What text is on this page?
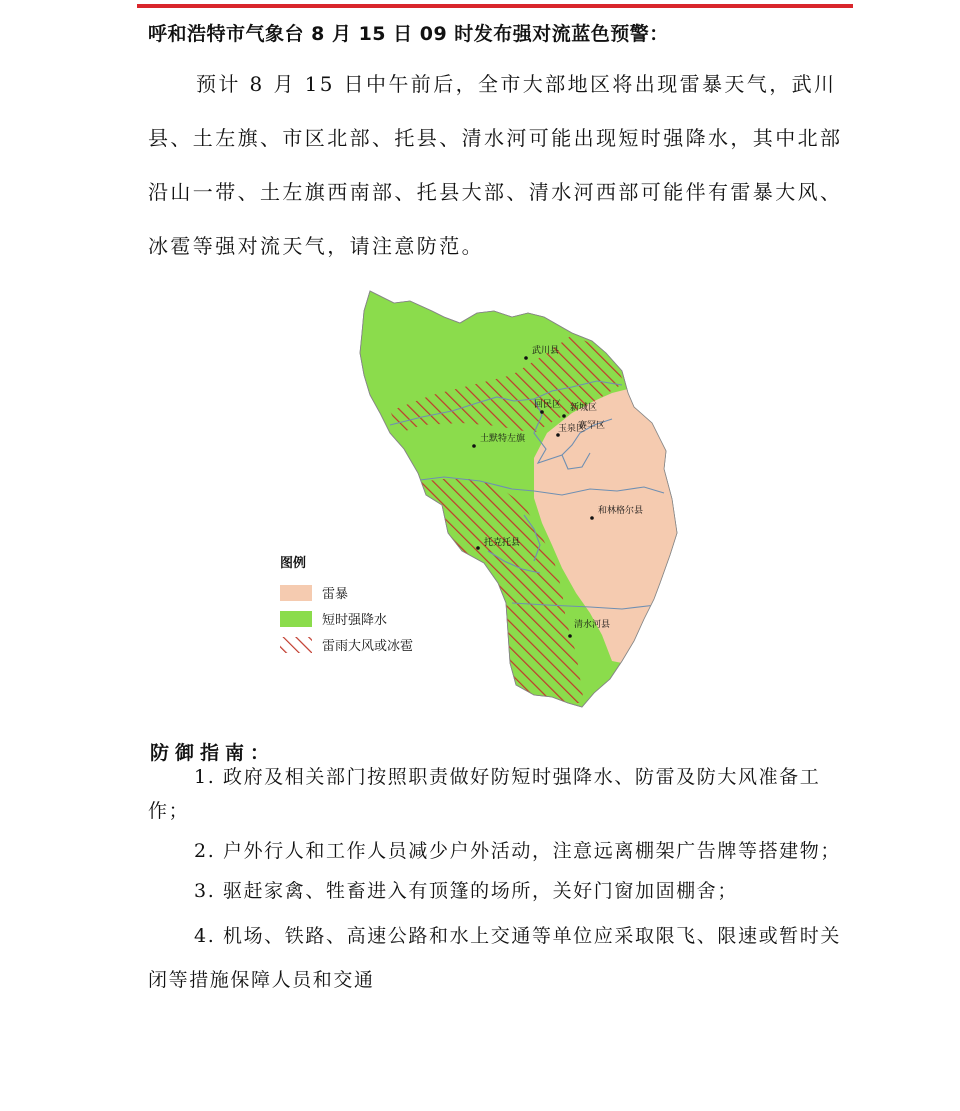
呼和浩特市气象台 8 月 15 日 09 时发布强对流蓝色预警：

预计 8 月 15 日中午前后，全市大部地区将出现雷暴天气，武川县、土左旗、市区北部、托县、清水河可能出现短时强降水，其中北部沿山一带、土左旗西南部、托县大部、清水河西部可能伴有雷暴大风、冰雹等强对流天气，请注意防范。

武川县
回民区 新城区
赛罕区
玉泉区
土默特左旗
和林格尔县
托克托县
清水河县
图例
雷暴
短时强降水
雷雨大风或冰雹
防御指南：
1. 政府及相关部门按照职责做好防短时强降水、防雷及防大风准备工作；
2. 户外行人和工作人员减少户外活动，注意远离棚架广告牌等搭建物；
3. 驱赶家禽、牲畜进入有顶篷的场所，关好门窗加固棚舍；
4. 机场、铁路、高速公路和水上交通等单位应采取限飞、限速或暂时关闭等措施保障人员和交通
